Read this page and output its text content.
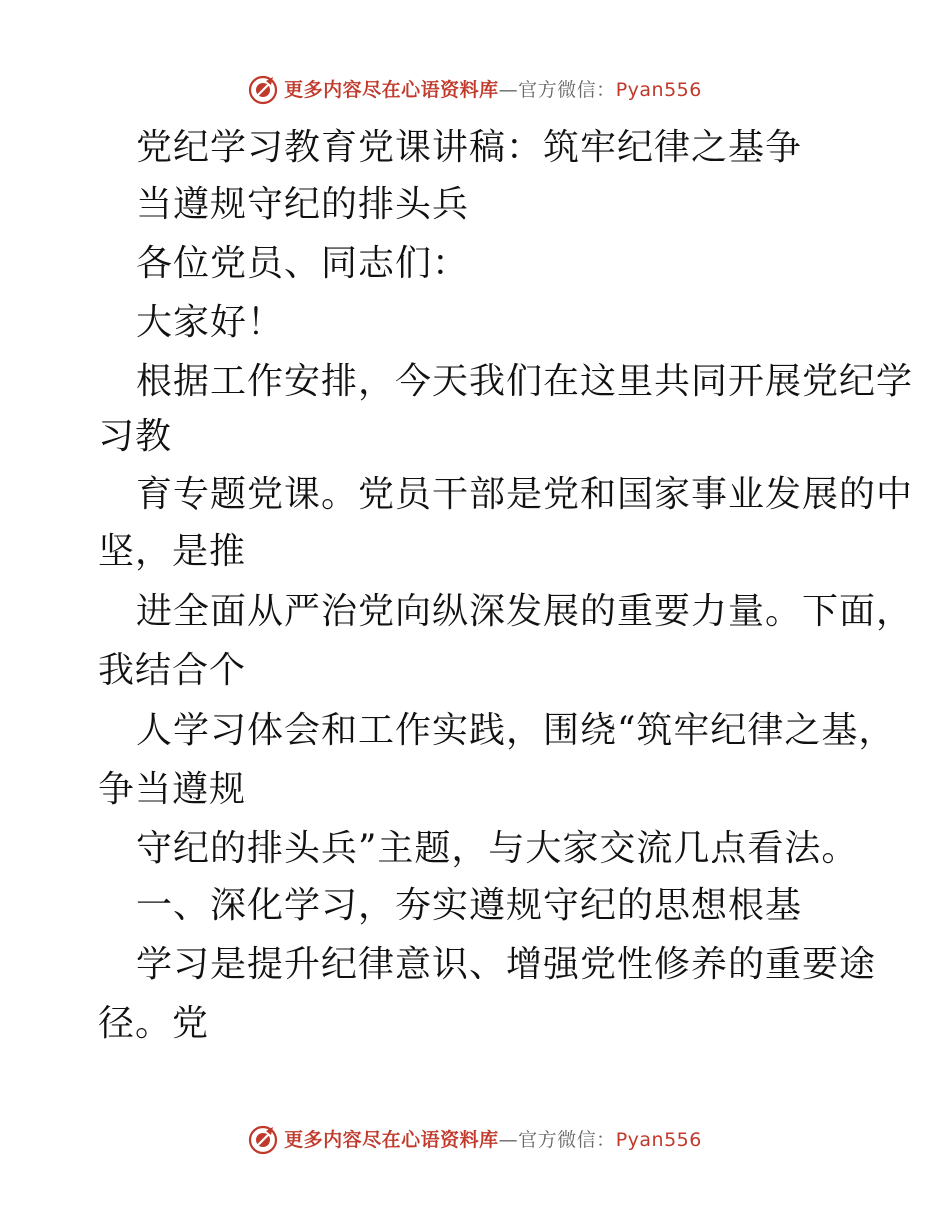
更多内容尽在心语资料库—官方微信：Pyan556
党纪学习教育党课讲稿：筑牢纪律之基争
当遵规守纪的排头兵
各位党员、同志们：
大家好！
根据工作安排，今天我们在这里共同开展党纪学
习教
育专题党课。党员干部是党和国家事业发展的中
坚，是推
进全面从严治党向纵深发展的重要力量。下面，
我结合个
人学习体会和工作实践，围绕“筑牢纪律之基，
争当遵规
守纪的排头兵”主题，与大家交流几点看法。
一、深化学习，夯实遵规守纪的思想根基
学习是提升纪律意识、增强党性修养的重要途
径。党
更多内容尽在心语资料库—官方微信：Pyan556
